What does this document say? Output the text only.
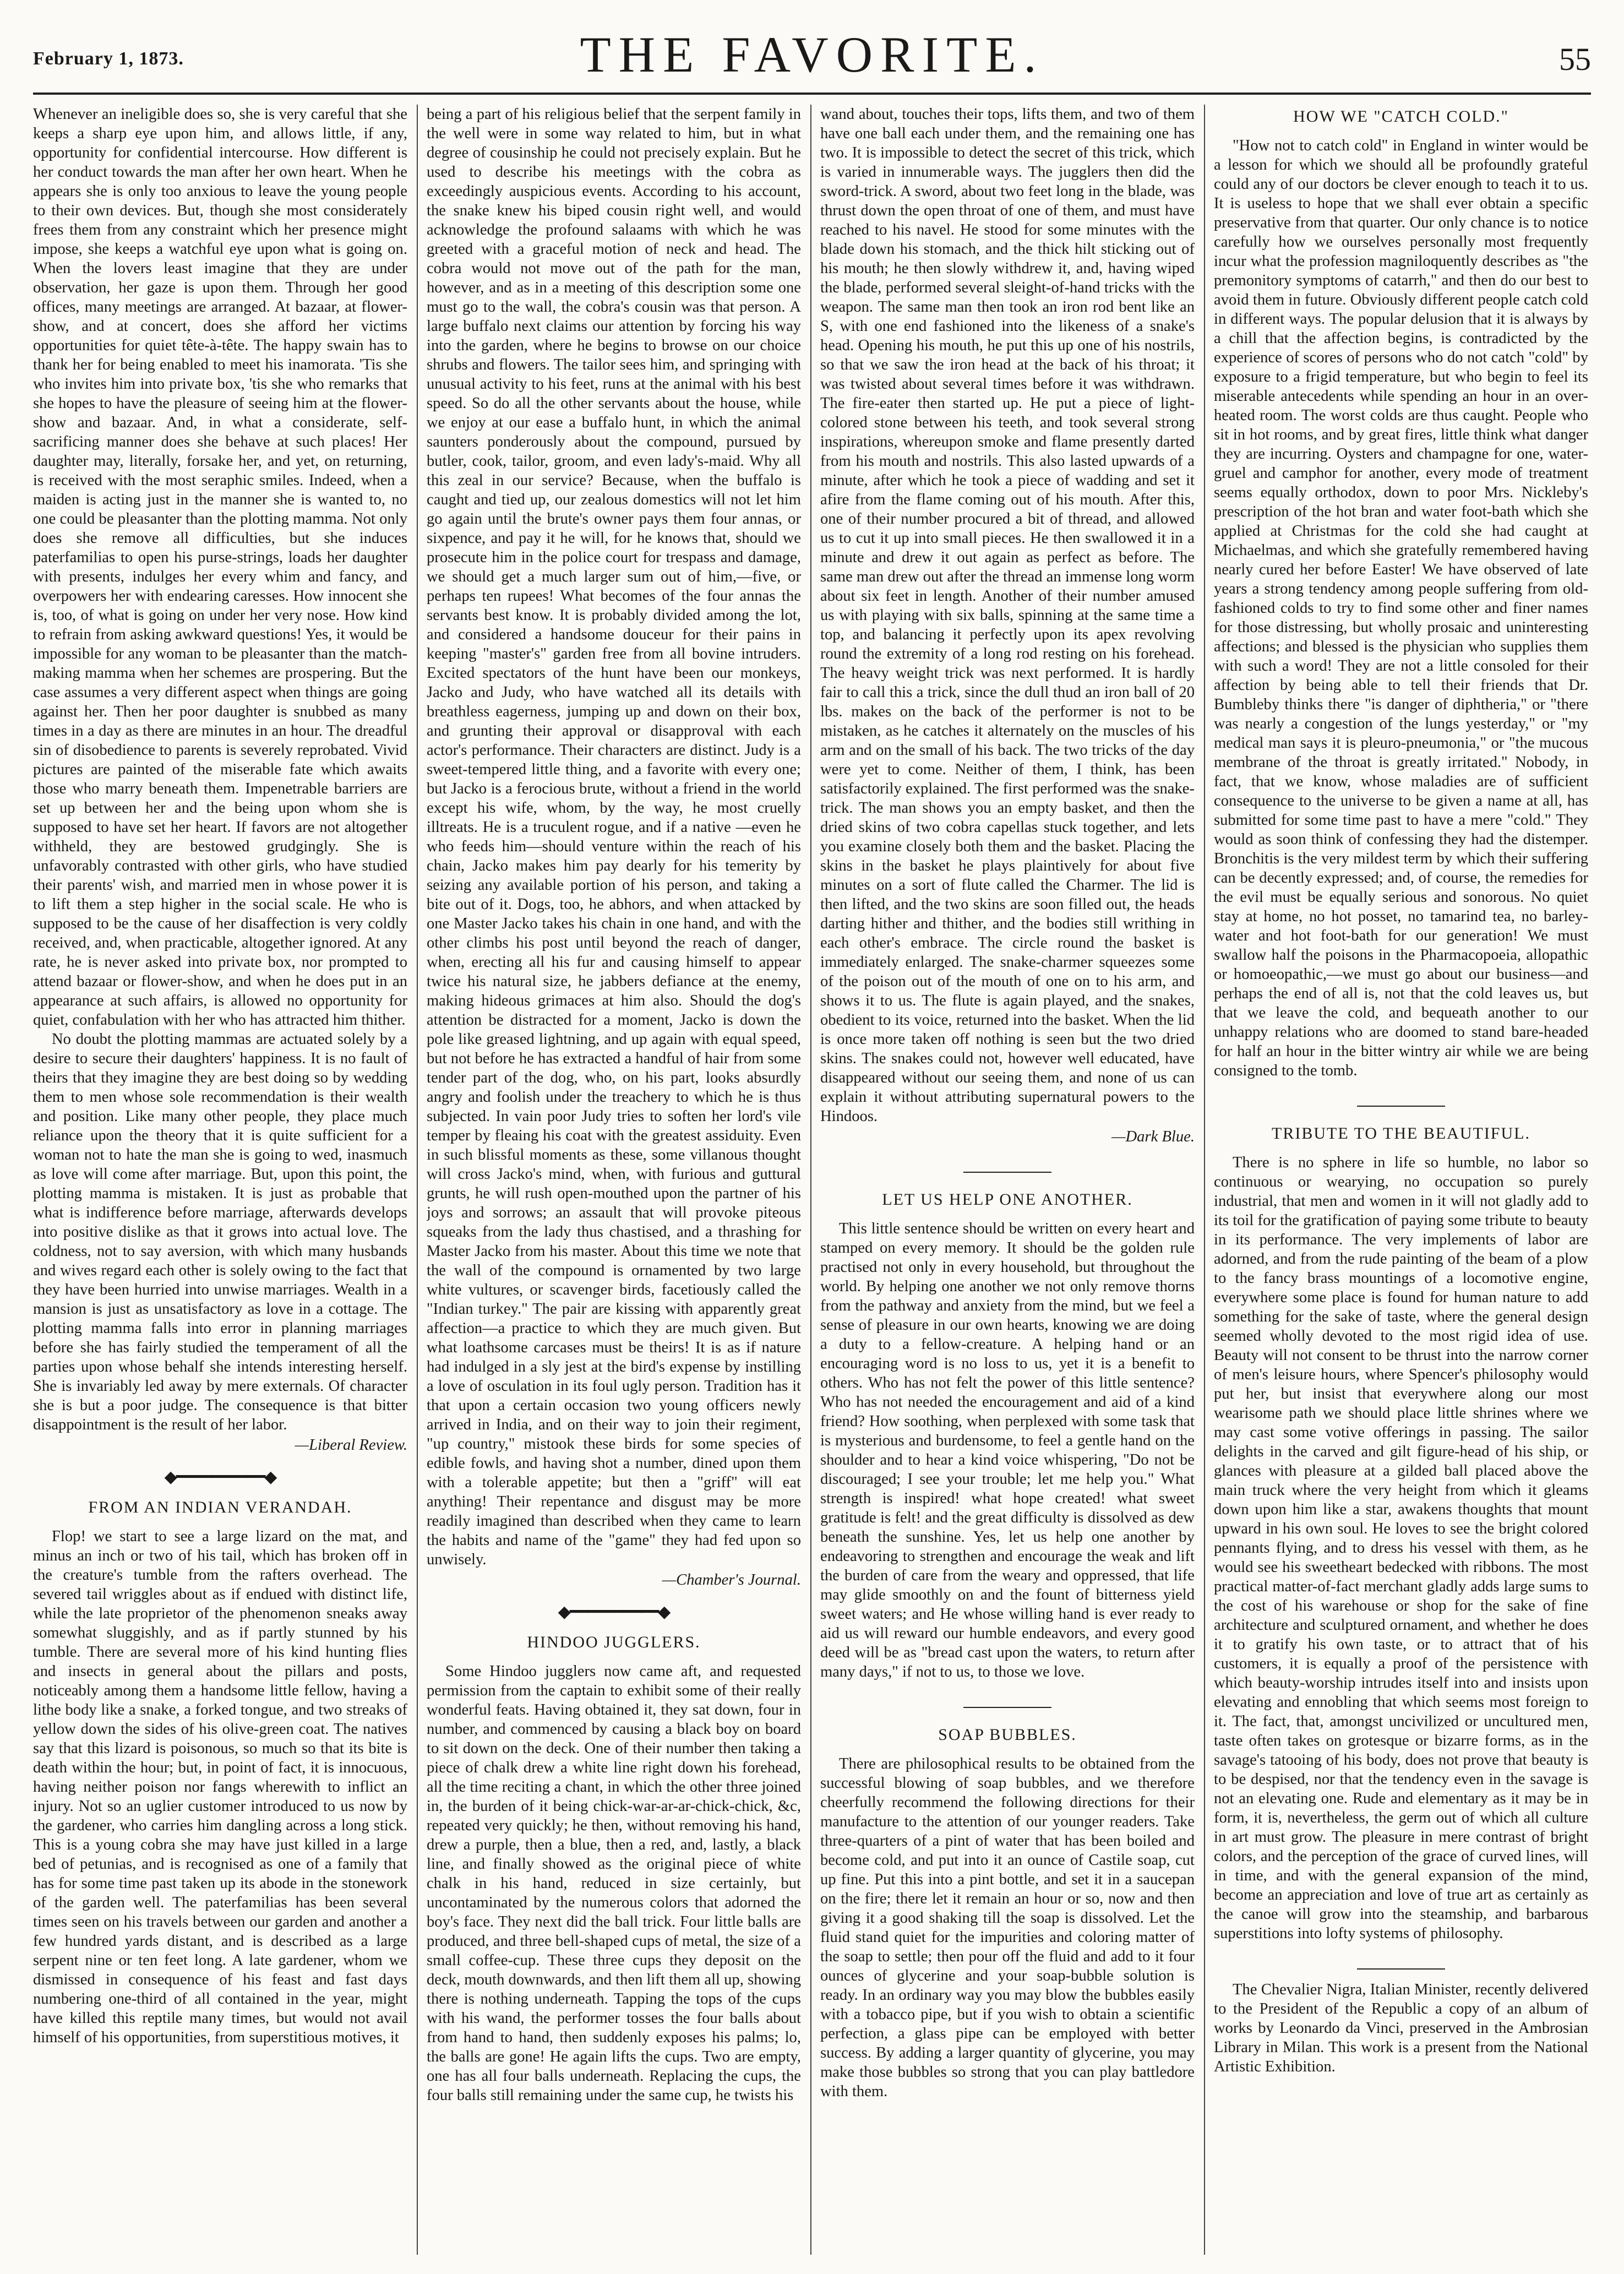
February 1, 1873.	THE FAVORITE.	55

Whenever an ineligible does so, she is very careful that she keeps a sharp eye upon him, and allows little, if any, opportunity for confidential intercourse. How different is her conduct towards the man after her own heart. When he appears she is only too anxious to leave the young people to their own devices. But, though she most considerately frees them from any constraint which her presence might impose, she keeps a watchful eye upon what is going on. When the lovers least imagine that they are under observation, her gaze is upon them. Through her good offices, many meetings are arranged. At bazaar, at flower-show, and at concert, does she afford her victims opportunities for quiet tête-à-tête. The happy swain has to thank her for being enabled to meet his inamorata. 'Tis she who invites him into private box, 'tis she who remarks that she hopes to have the pleasure of seeing him at the flower-show and bazaar. And, in what a considerate, self-sacrificing manner does she behave at such places! Her daughter may, literally, forsake her, and yet, on returning, is received with the most seraphic smiles. Indeed, when a maiden is acting just in the manner she is wanted to, no one could be pleasanter than the plotting mamma. Not only does she remove all difficulties, but she induces paterfamilias to open his purse-strings, loads her daughter with presents, indulges her every whim and fancy, and overpowers her with endearing caresses. How innocent she is, too, of what is going on under her very nose. How kind to refrain from asking awkward questions! Yes, it would be impossible for any woman to be pleasanter than the match-making mamma when her schemes are prospering. But the case assumes a very different aspect when things are going against her. Then her poor daughter is snubbed as many times in a day as there are minutes in an hour. The dreadful sin of disobedience to parents is severely reprobated. Vivid pictures are painted of the miserable fate which awaits those who marry beneath them. Impenetrable barriers are set up between her and the being upon whom she is supposed to have set her heart. If favors are not altogether withheld, they are bestowed grudgingly. She is unfavorably contrasted with other girls, who have studied their parents' wish, and married men in whose power it is to lift them a step higher in the social scale. He who is supposed to be the cause of her disaffection is very coldly received, and, when practicable, altogether ignored. At any rate, he is never asked into private box, nor prompted to attend bazaar or flower-show, and when he does put in an appearance at such affairs, is allowed no opportunity for quiet, confabulation with her who has attracted him thither.

No doubt the plotting mammas are actuated solely by a desire to secure their daughters' happiness. It is no fault of theirs that they imagine they are best doing so by wedding them to men whose sole recommendation is their wealth and position. Like many other people, they place much reliance upon the theory that it is quite sufficient for a woman not to hate the man she is going to wed, inasmuch as love will come after marriage. But, upon this point, the plotting mamma is mistaken. It is just as probable that what is indifference before marriage, afterwards develops into positive dislike as that it grows into actual love. The coldness, not to say aversion, with which many husbands and wives regard each other is solely owing to the fact that they have been hurried into unwise marriages. Wealth in a mansion is just as unsatisfactory as love in a cottage. The plotting mamma falls into error in planning marriages before she has fairly studied the temperament of all the parties upon whose behalf she intends interesting herself. She is invariably led away by mere externals. Of character she is but a poor judge. The consequence is that bitter disappointment is the result of her labor.

—Liberal Review.
◆━━━━━━━━━━◆
FROM AN INDIAN VERANDAH.

Flop! we start to see a large lizard on the mat, and minus an inch or two of his tail, which has broken off in the creature's tumble from the rafters overhead. The severed tail wriggles about as if endued with distinct life, while the late proprietor of the phenomenon sneaks away somewhat sluggishly, and as if partly stunned by his tumble. There are several more of his kind hunting flies and insects in general about the pillars and posts, noticeably among them a handsome little fellow, having a lithe body like a snake, a forked tongue, and two streaks of yellow down the sides of his olive-green coat. The natives say that this lizard is poisonous, so much so that its bite is death within the hour; but, in point of fact, it is innocuous, having neither poison nor fangs wherewith to inflict an injury. Not so an uglier customer introduced to us now by the gardener, who carries him dangling across a long stick. This is a young cobra she may have just killed in a large bed of petunias, and is recognised as one of a family that has for some time past taken up its abode in the stonework of the garden well. The paterfamilias has been several times seen on his travels between our garden and another a few hundred yards distant, and is described as a large serpent nine or ten feet long. A late gardener, whom we dismissed in consequence of his feast and fast days numbering one-third of all contained in the year, might have killed this reptile many times, but would not avail himself of his opportunities, from superstitious motives, it

being a part of his religious belief that the serpent family in the well were in some way related to him, but in what degree of cousinship he could not precisely explain. But he used to describe his meetings with the cobra as exceedingly auspicious events. According to his account, the snake knew his biped cousin right well, and would acknowledge the profound salaams with which he was greeted with a graceful motion of neck and head. The cobra would not move out of the path for the man, however, and as in a meeting of this description some one must go to the wall, the cobra's cousin was that person. A large buffalo next claims our attention by forcing his way into the garden, where he begins to browse on our choice shrubs and flowers. The tailor sees him, and springing with unusual activity to his feet, runs at the animal with his best speed. So do all the other servants about the house, while we enjoy at our ease a buffalo hunt, in which the animal saunters ponderously about the compound, pursued by butler, cook, tailor, groom, and even lady's-maid. Why all this zeal in our service? Because, when the buffalo is caught and tied up, our zealous domestics will not let him go again until the brute's owner pays them four annas, or sixpence, and pay it he will, for he knows that, should we prosecute him in the police court for trespass and damage, we should get a much larger sum out of him,—five, or perhaps ten rupees! What becomes of the four annas the servants best know. It is probably divided among the lot, and considered a handsome douceur for their pains in keeping "master's" garden free from all bovine intruders. Excited spectators of the hunt have been our monkeys, Jacko and Judy, who have watched all its details with breathless eagerness, jumping up and down on their box, and grunting their approval or disapproval with each actor's performance. Their characters are distinct. Judy is a sweet-tempered little thing, and a favorite with every one; but Jacko is a ferocious brute, without a friend in the world except his wife, whom, by the way, he most cruelly illtreats. He is a truculent rogue, and if a native —even he who feeds him—should venture within the reach of his chain, Jacko makes him pay dearly for his temerity by seizing any available portion of his person, and taking a bite out of it. Dogs, too, he abhors, and when attacked by one Master Jacko takes his chain in one hand, and with the other climbs his post until beyond the reach of danger, when, erecting all his fur and causing himself to appear twice his natural size, he jabbers defiance at the enemy, making hideous grimaces at him also. Should the dog's attention be distracted for a moment, Jacko is down the pole like greased lightning, and up again with equal speed, but not before he has extracted a handful of hair from some tender part of the dog, who, on his part, looks absurdly angry and foolish under the treachery to which he is thus subjected. In vain poor Judy tries to soften her lord's vile temper by fleaing his coat with the greatest assiduity. Even in such blissful moments as these, some villanous thought will cross Jacko's mind, when, with furious and guttural grunts, he will rush open-mouthed upon the partner of his joys and sorrows; an assault that will provoke piteous squeaks from the lady thus chastised, and a thrashing for Master Jacko from his master. About this time we note that the wall of the compound is ornamented by two large white vultures, or scavenger birds, facetiously called the "Indian turkey." The pair are kissing with apparently great affection—a practice to which they are much given. But what loathsome carcases must be theirs! It is as if nature had indulged in a sly jest at the bird's expense by instilling a love of osculation in its foul ugly person. Tradition has it that upon a certain occasion two young officers newly arrived in India, and on their way to join their regiment, "up country," mistook these birds for some species of edible fowls, and having shot a number, dined upon them with a tolerable appetite; but then a "griff" will eat anything! Their repentance and disgust may be more readily imagined than described when they came to learn the habits and name of the "game" they had fed upon so unwisely.

—Chamber's Journal.
◆━━━━━━━━━━◆
HINDOO JUGGLERS.

Some Hindoo jugglers now came aft, and requested permission from the captain to exhibit some of their really wonderful feats. Having obtained it, they sat down, four in number, and commenced by causing a black boy on board to sit down on the deck. One of their number then taking a piece of chalk drew a white line right down his forehead, all the time reciting a chant, in which the other three joined in, the burden of it being chick-war-ar-ar-chick-chick, &c, repeated very quickly; he then, without removing his hand, drew a purple, then a blue, then a red, and, lastly, a black line, and finally showed as the original piece of white chalk in his hand, reduced in size certainly, but uncontaminated by the numerous colors that adorned the boy's face. They next did the ball trick. Four little balls are produced, and three bell-shaped cups of metal, the size of a small coffee-cup. These three cups they deposit on the deck, mouth downwards, and then lift them all up, showing there is nothing underneath. Tapping the tops of the cups with his wand, the performer tosses the four balls about from hand to hand, then suddenly exposes his palms; lo, the balls are gone! He again lifts the cups. Two are empty, one has all four balls underneath. Replacing the cups, the four balls still remaining under the same cup, he twists his

wand about, touches their tops, lifts them, and two of them have one ball each under them, and the remaining one has two. It is impossible to detect the secret of this trick, which is varied in innumerable ways. The jugglers then did the sword-trick. A sword, about two feet long in the blade, was thrust down the open throat of one of them, and must have reached to his navel. He stood for some minutes with the blade down his stomach, and the thick hilt sticking out of his mouth; he then slowly withdrew it, and, having wiped the blade, performed several sleight-of-hand tricks with the weapon. The same man then took an iron rod bent like an S, with one end fashioned into the likeness of a snake's head. Opening his mouth, he put this up one of his nostrils, so that we saw the iron head at the back of his throat; it was twisted about several times before it was withdrawn. The fire-eater then started up. He put a piece of light-colored stone between his teeth, and took several strong inspirations, whereupon smoke and flame presently darted from his mouth and nostrils. This also lasted upwards of a minute, after which he took a piece of wadding and set it afire from the flame coming out of his mouth. After this, one of their number procured a bit of thread, and allowed us to cut it up into small pieces. He then swallowed it in a minute and drew it out again as perfect as before. The same man drew out after the thread an immense long worm about six feet in length. Another of their number amused us with playing with six balls, spinning at the same time a top, and balancing it perfectly upon its apex revolving round the extremity of a long rod resting on his forehead. The heavy weight trick was next performed. It is hardly fair to call this a trick, since the dull thud an iron ball of 20 lbs. makes on the back of the performer is not to be mistaken, as he catches it alternately on the muscles of his arm and on the small of his back. The two tricks of the day were yet to come. Neither of them, I think, has been satisfactorily explained. The first performed was the snake-trick. The man shows you an empty basket, and then the dried skins of two cobra capellas stuck together, and lets you examine closely both them and the basket. Placing the skins in the basket he plays plaintively for about five minutes on a sort of flute called the Charmer. The lid is then lifted, and the two skins are soon filled out, the heads darting hither and thither, and the bodies still writhing in each other's embrace. The circle round the basket is immediately enlarged. The snake-charmer squeezes some of the poison out of the mouth of one on to his arm, and shows it to us. The flute is again played, and the snakes, obedient to its voice, returned into the basket. When the lid is once more taken off nothing is seen but the two dried skins. The snakes could not, however well educated, have disappeared without our seeing them, and none of us can explain it without attributing supernatural powers to the Hindoos.

—Dark Blue.
LET US HELP ONE ANOTHER.

This little sentence should be written on every heart and stamped on every memory. It should be the golden rule practised not only in every household, but throughout the world. By helping one another we not only remove thorns from the pathway and anxiety from the mind, but we feel a sense of pleasure in our own hearts, knowing we are doing a duty to a fellow-creature. A helping hand or an encouraging word is no loss to us, yet it is a benefit to others. Who has not felt the power of this little sentence? Who has not needed the encouragement and aid of a kind friend? How soothing, when perplexed with some task that is mysterious and burdensome, to feel a gentle hand on the shoulder and to hear a kind voice whispering, "Do not be discouraged; I see your trouble; let me help you." What strength is inspired! what hope created! what sweet gratitude is felt! and the great difficulty is dissolved as dew beneath the sunshine. Yes, let us help one another by endeavoring to strengthen and encourage the weak and lift the burden of care from the weary and oppressed, that life may glide smoothly on and the fount of bitterness yield sweet waters; and He whose willing hand is ever ready to aid us will reward our humble endeavors, and every good deed will be as "bread cast upon the waters, to return after many days," if not to us, to those we love.

SOAP BUBBLES.

There are philosophical results to be obtained from the successful blowing of soap bubbles, and we therefore cheerfully recommend the following directions for their manufacture to the attention of our younger readers. Take three-quarters of a pint of water that has been boiled and become cold, and put into it an ounce of Castile soap, cut up fine. Put this into a pint bottle, and set it in a saucepan on the fire; there let it remain an hour or so, now and then giving it a good shaking till the soap is dissolved. Let the fluid stand quiet for the impurities and coloring matter of the soap to settle; then pour off the fluid and add to it four ounces of glycerine and your soap-bubble solution is ready. In an ordinary way you may blow the bubbles easily with a tobacco pipe, but if you wish to obtain a scientific perfection, a glass pipe can be employed with better success. By adding a larger quantity of glycerine, you may make those bubbles so strong that you can play battledore with them.

HOW WE "CATCH COLD."

"How not to catch cold" in England in winter would be a lesson for which we should all be profoundly grateful could any of our doctors be clever enough to teach it to us. It is useless to hope that we shall ever obtain a specific preservative from that quarter. Our only chance is to notice carefully how we ourselves personally most frequently incur what the profession magniloquently describes as "the premonitory symptoms of catarrh," and then do our best to avoid them in future. Obviously different people catch cold in different ways. The popular delusion that it is always by a chill that the affection begins, is contradicted by the experience of scores of persons who do not catch "cold" by exposure to a frigid temperature, but who begin to feel its miserable antecedents while spending an hour in an over-heated room. The worst colds are thus caught. People who sit in hot rooms, and by great fires, little think what danger they are incurring. Oysters and champagne for one, water-gruel and camphor for another, every mode of treatment seems equally orthodox, down to poor Mrs. Nickleby's prescription of the hot bran and water foot-bath which she applied at Christmas for the cold she had caught at Michaelmas, and which she gratefully remembered having nearly cured her before Easter! We have observed of late years a strong tendency among people suffering from old-fashioned colds to try to find some other and finer names for those distressing, but wholly prosaic and uninteresting affections; and blessed is the physician who supplies them with such a word! They are not a little consoled for their affection by being able to tell their friends that Dr. Bumbleby thinks there "is danger of diphtheria," or "there was nearly a congestion of the lungs yesterday," or "my medical man says it is pleuro-pneumonia," or "the mucous membrane of the throat is greatly irritated." Nobody, in fact, that we know, whose maladies are of sufficient consequence to the universe to be given a name at all, has submitted for some time past to have a mere "cold." They would as soon think of confessing they had the distemper. Bronchitis is the very mildest term by which their suffering can be decently expressed; and, of course, the remedies for the evil must be equally serious and sonorous. No quiet stay at home, no hot posset, no tamarind tea, no barley-water and hot foot-bath for our generation! We must swallow half the poisons in the Pharmacopoeia, allopathic or homoeopathic,—we must go about our business—and perhaps the end of all is, not that the cold leaves us, but that we leave the cold, and bequeath another to our unhappy relations who are doomed to stand bare-headed for half an hour in the bitter wintry air while we are being consigned to the tomb.

TRIBUTE TO THE BEAUTIFUL.

There is no sphere in life so humble, no labor so continuous or wearying, no occupation so purely industrial, that men and women in it will not gladly add to its toil for the gratification of paying some tribute to beauty in its performance. The very implements of labor are adorned, and from the rude painting of the beam of a plow to the fancy brass mountings of a locomotive engine, everywhere some place is found for human nature to add something for the sake of taste, where the general design seemed wholly devoted to the most rigid idea of use. Beauty will not consent to be thrust into the narrow corner of men's leisure hours, where Spencer's philosophy would put her, but insist that everywhere along our most wearisome path we should place little shrines where we may cast some votive offerings in passing. The sailor delights in the carved and gilt figure-head of his ship, or glances with pleasure at a gilded ball placed above the main truck where the very height from which it gleams down upon him like a star, awakens thoughts that mount upward in his own soul. He loves to see the bright colored pennants flying, and to dress his vessel with them, as he would see his sweetheart bedecked with ribbons. The most practical matter-of-fact merchant gladly adds large sums to the cost of his warehouse or shop for the sake of fine architecture and sculptured ornament, and whether he does it to gratify his own taste, or to attract that of his customers, it is equally a proof of the persistence with which beauty-worship intrudes itself into and insists upon elevating and ennobling that which seems most foreign to it. The fact, that, amongst uncivilized or uncultured men, taste often takes on grotesque or bizarre forms, as in the savage's tatooing of his body, does not prove that beauty is to be despised, nor that the tendency even in the savage is not an elevating one. Rude and elementary as it may be in form, it is, nevertheless, the germ out of which all culture in art must grow. The pleasure in mere contrast of bright colors, and the perception of the grace of curved lines, will in time, and with the general expansion of the mind, become an appreciation and love of true art as certainly as the canoe will grow into the steamship, and barbarous superstitions into lofty systems of philosophy.

The Chevalier Nigra, Italian Minister, recently delivered to the President of the Republic a copy of an album of works by Leonardo da Vinci, preserved in the Ambrosian Library in Milan. This work is a present from the National Artistic Exhibition.
